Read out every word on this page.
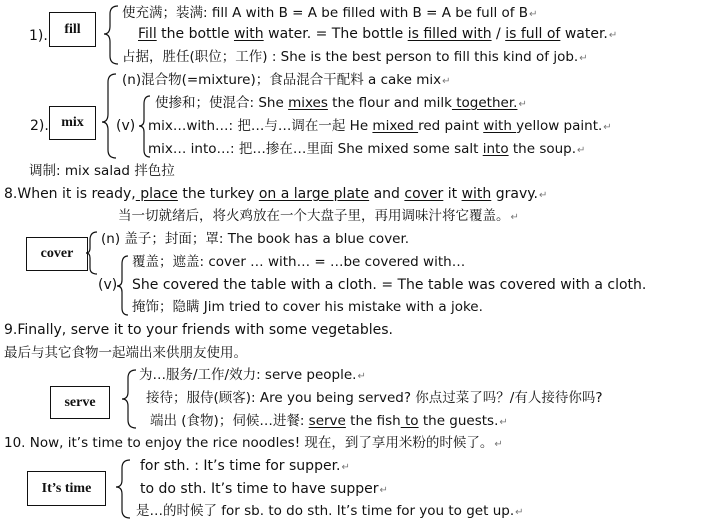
1). fill
使充满；装满: fill A with B = A be filled with B = A be full of B↵
Fill the bottle with water. = The bottle is filled with / is full of water.↵
占据，胜任(职位；工作) : She is the best person to fill this kind of job.↵
2). mix
(n)混合物(=mixture)；食品混合干配料 a cake mix↵
使掺和；使混合: She mixes the flour and milk together.↵
(v) mix…with…: 把…与…调在一起 He mixed red paint with yellow paint.↵
mix… into…: 把…掺在…里面 She mixed some salt into the soup.↵
调制: mix salad 拌色拉
8.When it is ready, place the turkey on a large plate and cover it with gravy.↵
当一切就绪后，将火鸡放在一个大盘子里，再用调味汁将它覆盖。↵
cover
(n) 盖子；封面；罩: The book has a blue cover.
覆盖；遮盖: cover … with… = …be covered with…
(v) She covered the table with a cloth. = The table was covered with a cloth.
掩饰；隐瞒 Jim tried to cover his mistake with a joke.
9.Finally, serve it to your friends with some vegetables.
最后与其它食物一起端出来供朋友使用。
serve
为…服务/工作/效力: serve people.↵
接待；服侍(顾客): Are you being served? 你点过菜了吗？/有人接待你吗?
端出 (食物)；伺候…进餐: serve the fish to the guests.↵
10. Now, it’s time to enjoy the rice noodles! 现在，到了享用米粉的时候了。↵
It’s time
for sth. : It’s time for supper.↵
to do sth. It’s time to have supper↵
是…的时候了 for sb. to do sth. It’s time for you to get up.↵
